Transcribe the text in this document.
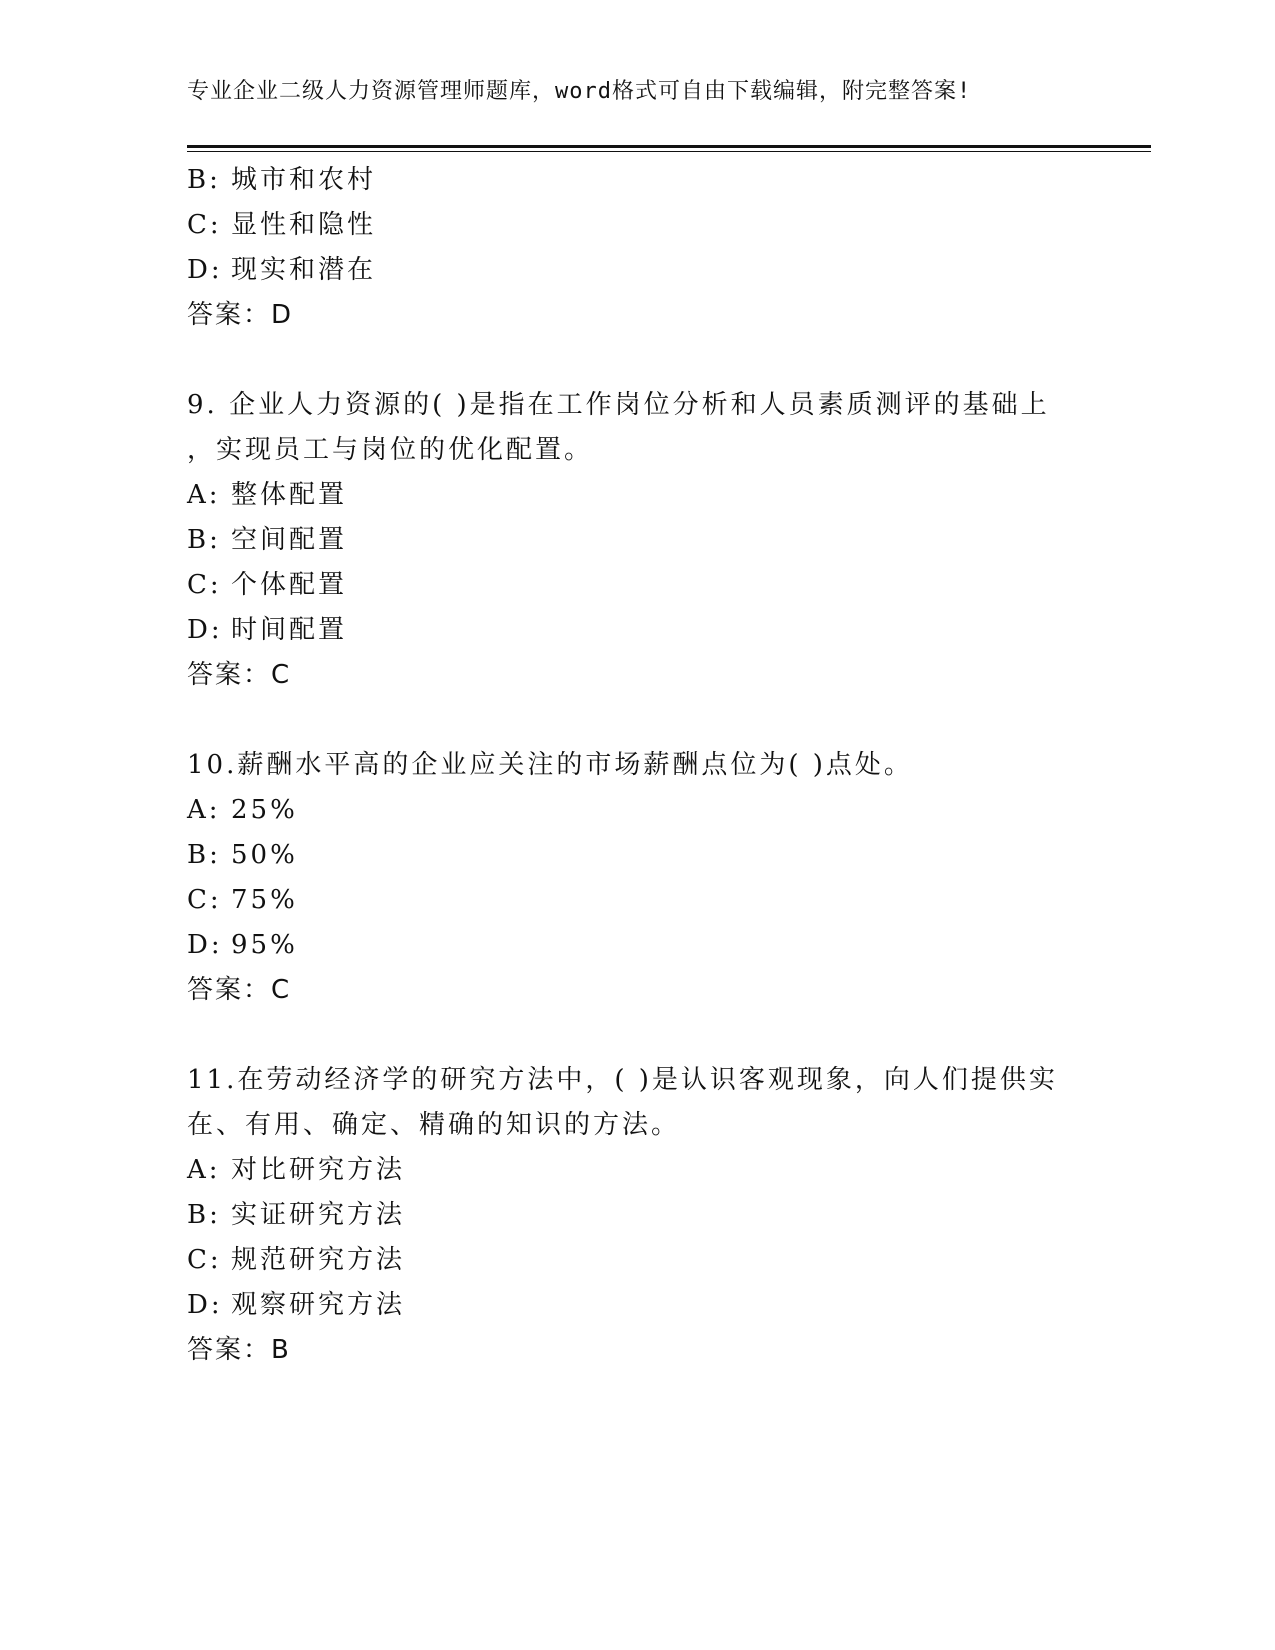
专业企业二级人力资源管理师题库，word格式可自由下载编辑，附完整答案!
B: 城市和农村
C: 显性和隐性
D: 现实和潜在
答案：D
9. 企业人力资源的( )是指在工作岗位分析和人员素质测评的基础上
，实现员工与岗位的优化配置。
A: 整体配置
B: 空间配置
C: 个体配置
D: 时间配置
答案：C
10.薪酬水平高的企业应关注的市场薪酬点位为( )点处。
A: 25%
B: 50%
C: 75%
D: 95%
答案：C
11.在劳动经济学的研究方法中，( )是认识客观现象，向人们提供实
在、有用、确定、精确的知识的方法。
A: 对比研究方法
B: 实证研究方法
C: 规范研究方法
D: 观察研究方法
答案：B
